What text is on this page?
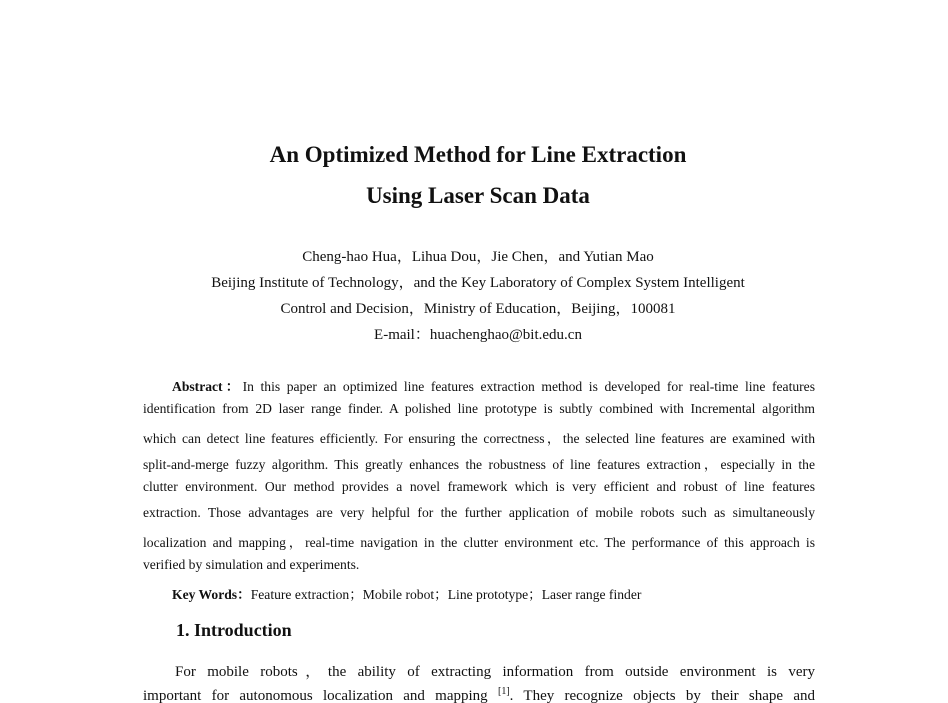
An Optimized Method for Line Extraction
Using Laser Scan Data
Cheng-hao Hua，Lihua Dou，Jie Chen，and Yutian Mao
Beijing Institute of Technology，and the Key Laboratory of Complex System Intelligent
Control and Decision，Ministry of Education，Beijing，100081
E-mail：huachenghao@bit.edu.cn
Abstract：In this paper an optimized line features extraction method is developed for real-time line features
identification from 2D laser range finder. A polished line prototype is subtly combined with Incremental algorithm
which can detect line features efficiently. For ensuring the correctness，the selected line features are examined with
split-and-merge fuzzy algorithm. This greatly enhances the robustness of line features extraction，especially in the
clutter environment. Our method provides a novel framework which is very efficient and robust of line features
extraction. Those advantages are very helpful for the further application of mobile robots such as simultaneously
localization and mapping，real-time navigation in the clutter environment etc. The performance of this approach is
verified by simulation and experiments.
Key Words：Feature extraction；Mobile robot；Line prototype；Laser range finder
1. Introduction
For mobile robots，the ability of extracting information from outside environment is very
important for autonomous localization and mapping [1]. They recognize objects by their shape and
